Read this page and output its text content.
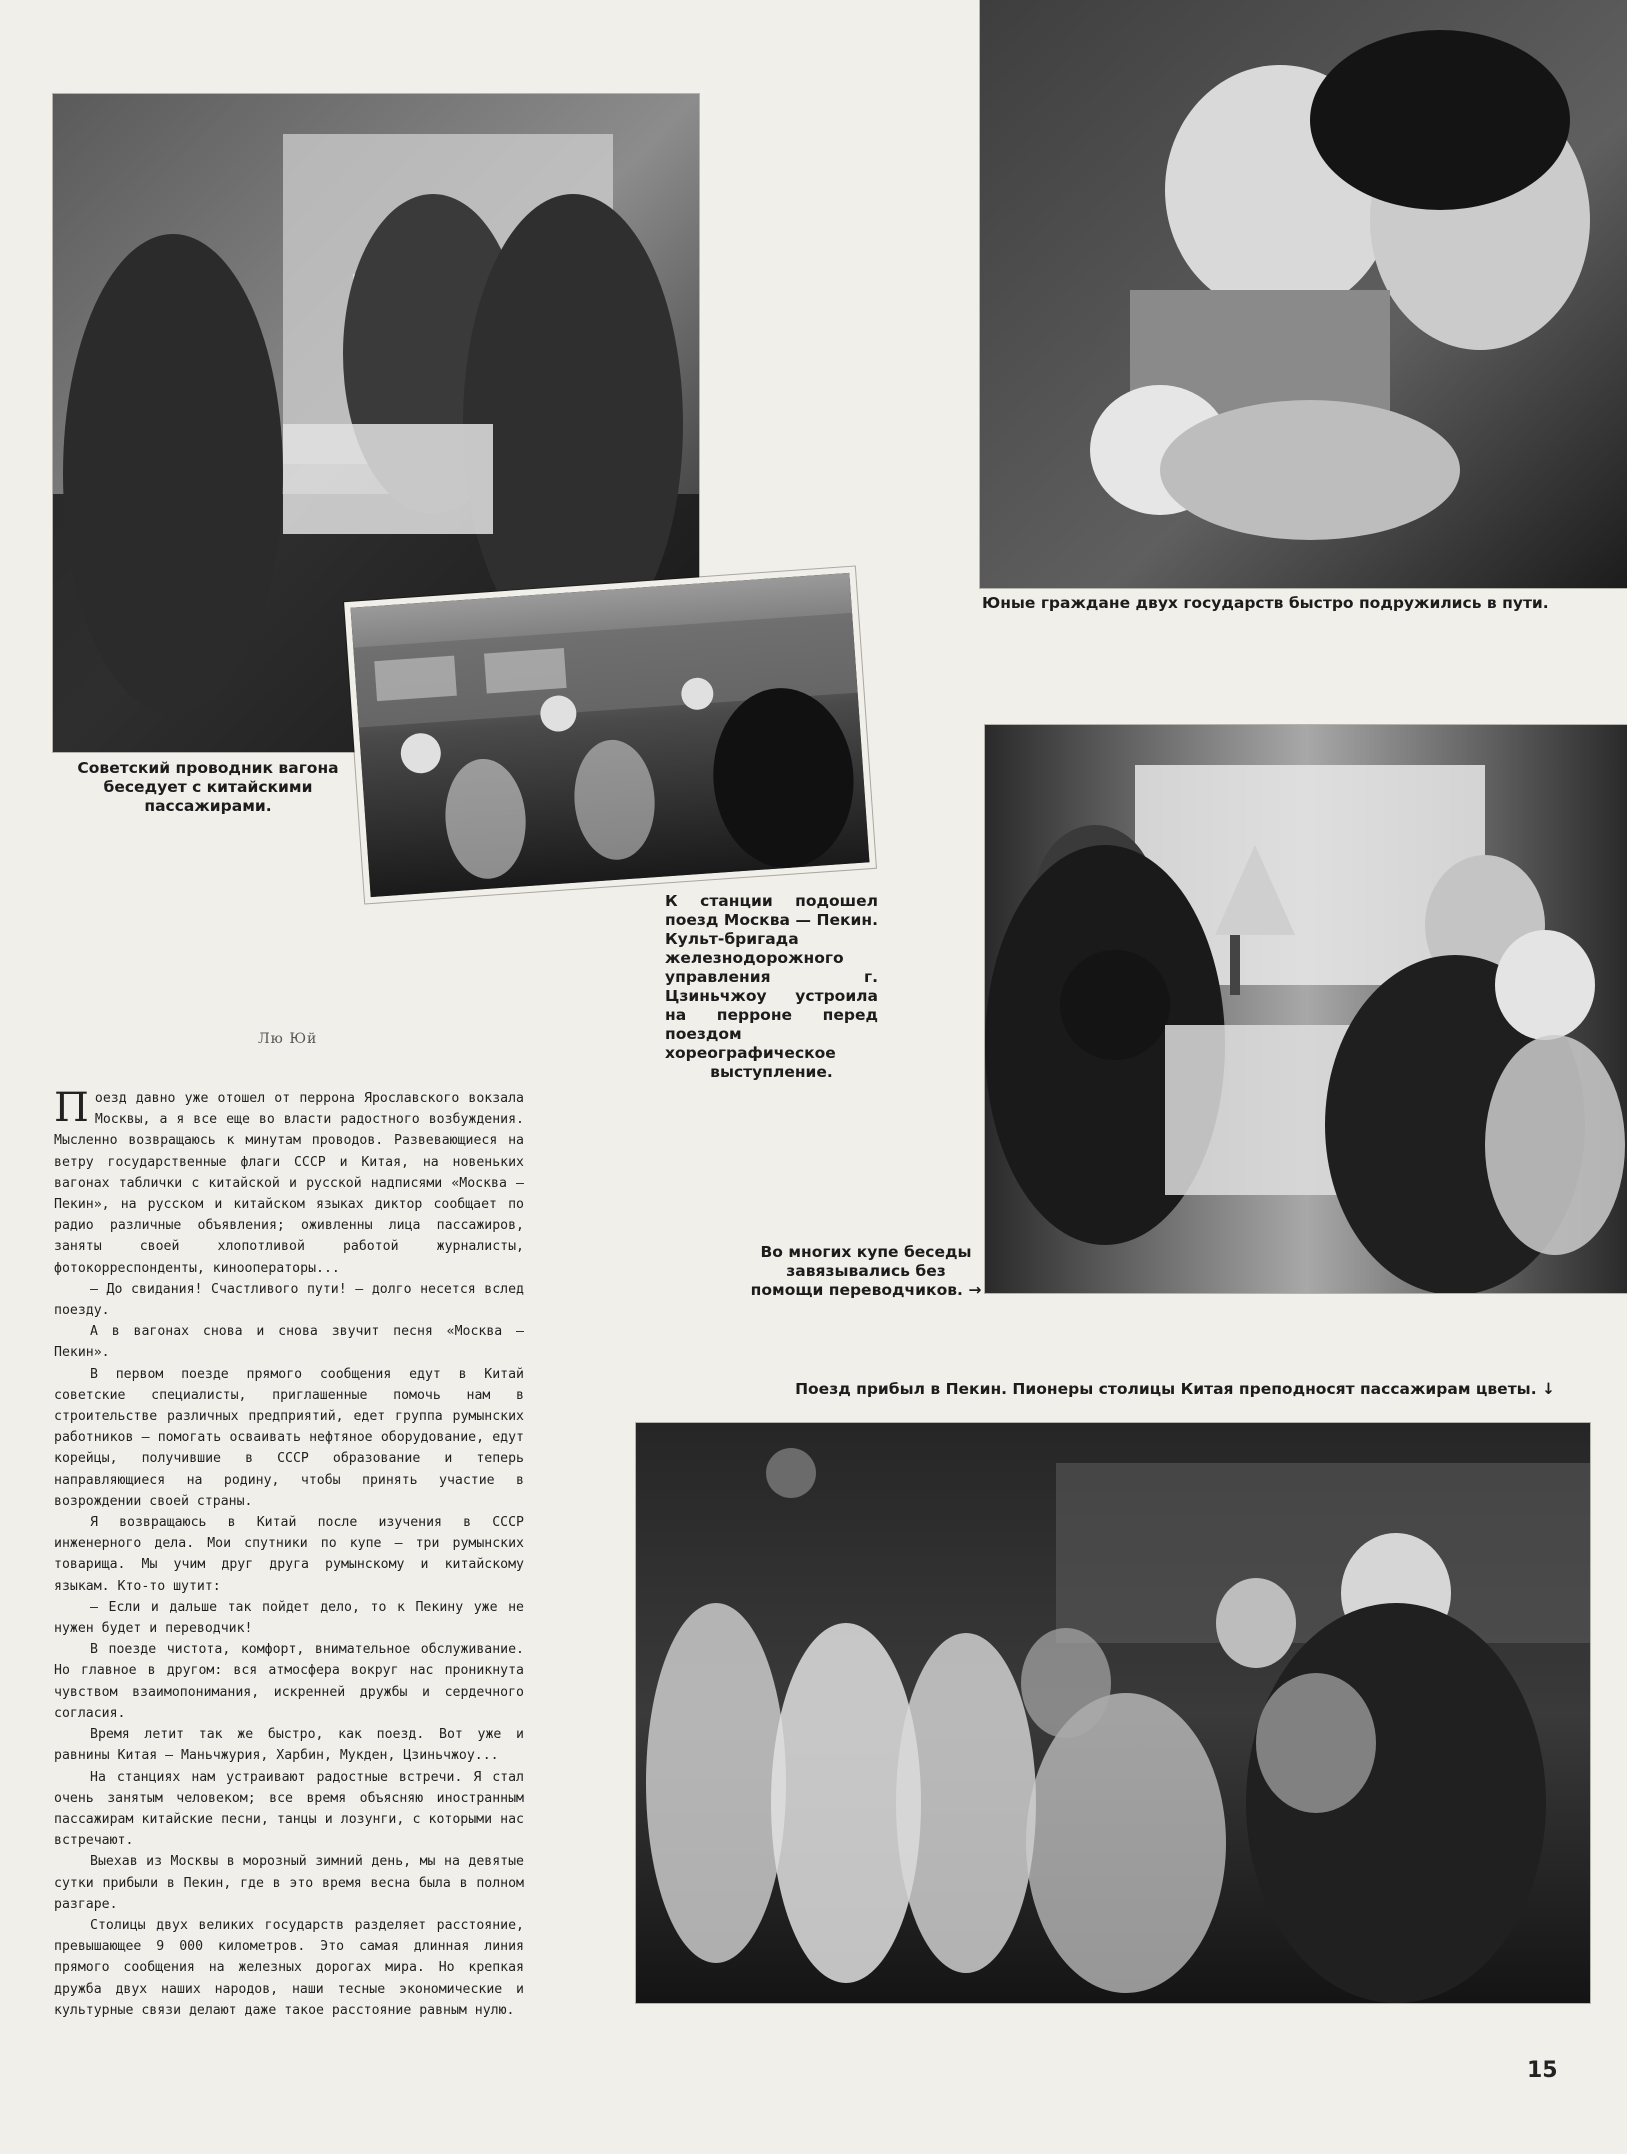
Советский проводник вагона беседует с китайскими пассажирами.
К станции подошел поезд Москва — Пекин. Культ-бригада железнодорожного управления г. Цзиньчжоу устроила на перроне перед поездом хореографическое выступление.
Юные граждане двух государств быстро подружились в пути.
Во многих купе беседы завязывались без помощи переводчиков. →
Поезд прибыл в Пекин. Пионеры столицы Китая преподносят пассажирам цветы. ↓
Лю Юй

П оезд давно уже отошел от перрона Ярославского вокзала Москвы, а я все еще во власти радостного возбуждения. Мысленно возвращаюсь к минутам проводов. Развевающиеся на ветру государственные флаги СССР и Китая, на новеньких вагонах таблички с китайской и русской надписями «Москва — Пекин», на русском и китайском языках диктор сообщает по радио различные объявления; оживленны лица пассажиров, заняты своей хлопотливой работой журналисты, фотокорреспонденты, кинооператоры...

— До свидания! Счастливого пути! — долго несется вслед поезду.

А в вагонах снова и снова звучит песня «Москва — Пекин».

В первом поезде прямого сообщения едут в Китай советские специалисты, приглашенные помочь нам в строительстве различных предприятий, едет группа румынских работников — помогать осваивать нефтяное оборудование, едут корейцы, получившие в СССР образование и теперь направляющиеся на родину, чтобы принять участие в возрождении своей страны.

Я возвращаюсь в Китай после изучения в СССР инженерного дела. Мои спутники по купе — три румынских товарища. Мы учим друг друга румынскому и китайскому языкам. Кто-то шутит:

— Если и дальше так пойдет дело, то к Пекину уже не нужен будет и переводчик!

В поезде чистота, комфорт, внимательное обслуживание. Но главное в другом: вся атмосфера вокруг нас проникнута чувством взаимопонимания, искренней дружбы и сердечного согласия.

Время летит так же быстро, как поезд. Вот уже и равнины Китая — Маньчжурия, Харбин, Мукден, Цзиньчжоу...

На станциях нам устраивают радостные встречи. Я стал очень занятым человеком; все время объясняю иностранным пассажирам китайские песни, танцы и лозунги, с которыми нас встречают.

Выехав из Москвы в морозный зимний день, мы на девятые сутки прибыли в Пекин, где в это время весна была в полном разгаре.

Столицы двух великих государств разделяет расстояние, превышающее 9 000 километров. Это самая длинная линия прямого сообщения на железных дорогах мира. Но крепкая дружба двух наших народов, наши тесные экономические и культурные связи делают даже такое расстояние равным нулю.

15
